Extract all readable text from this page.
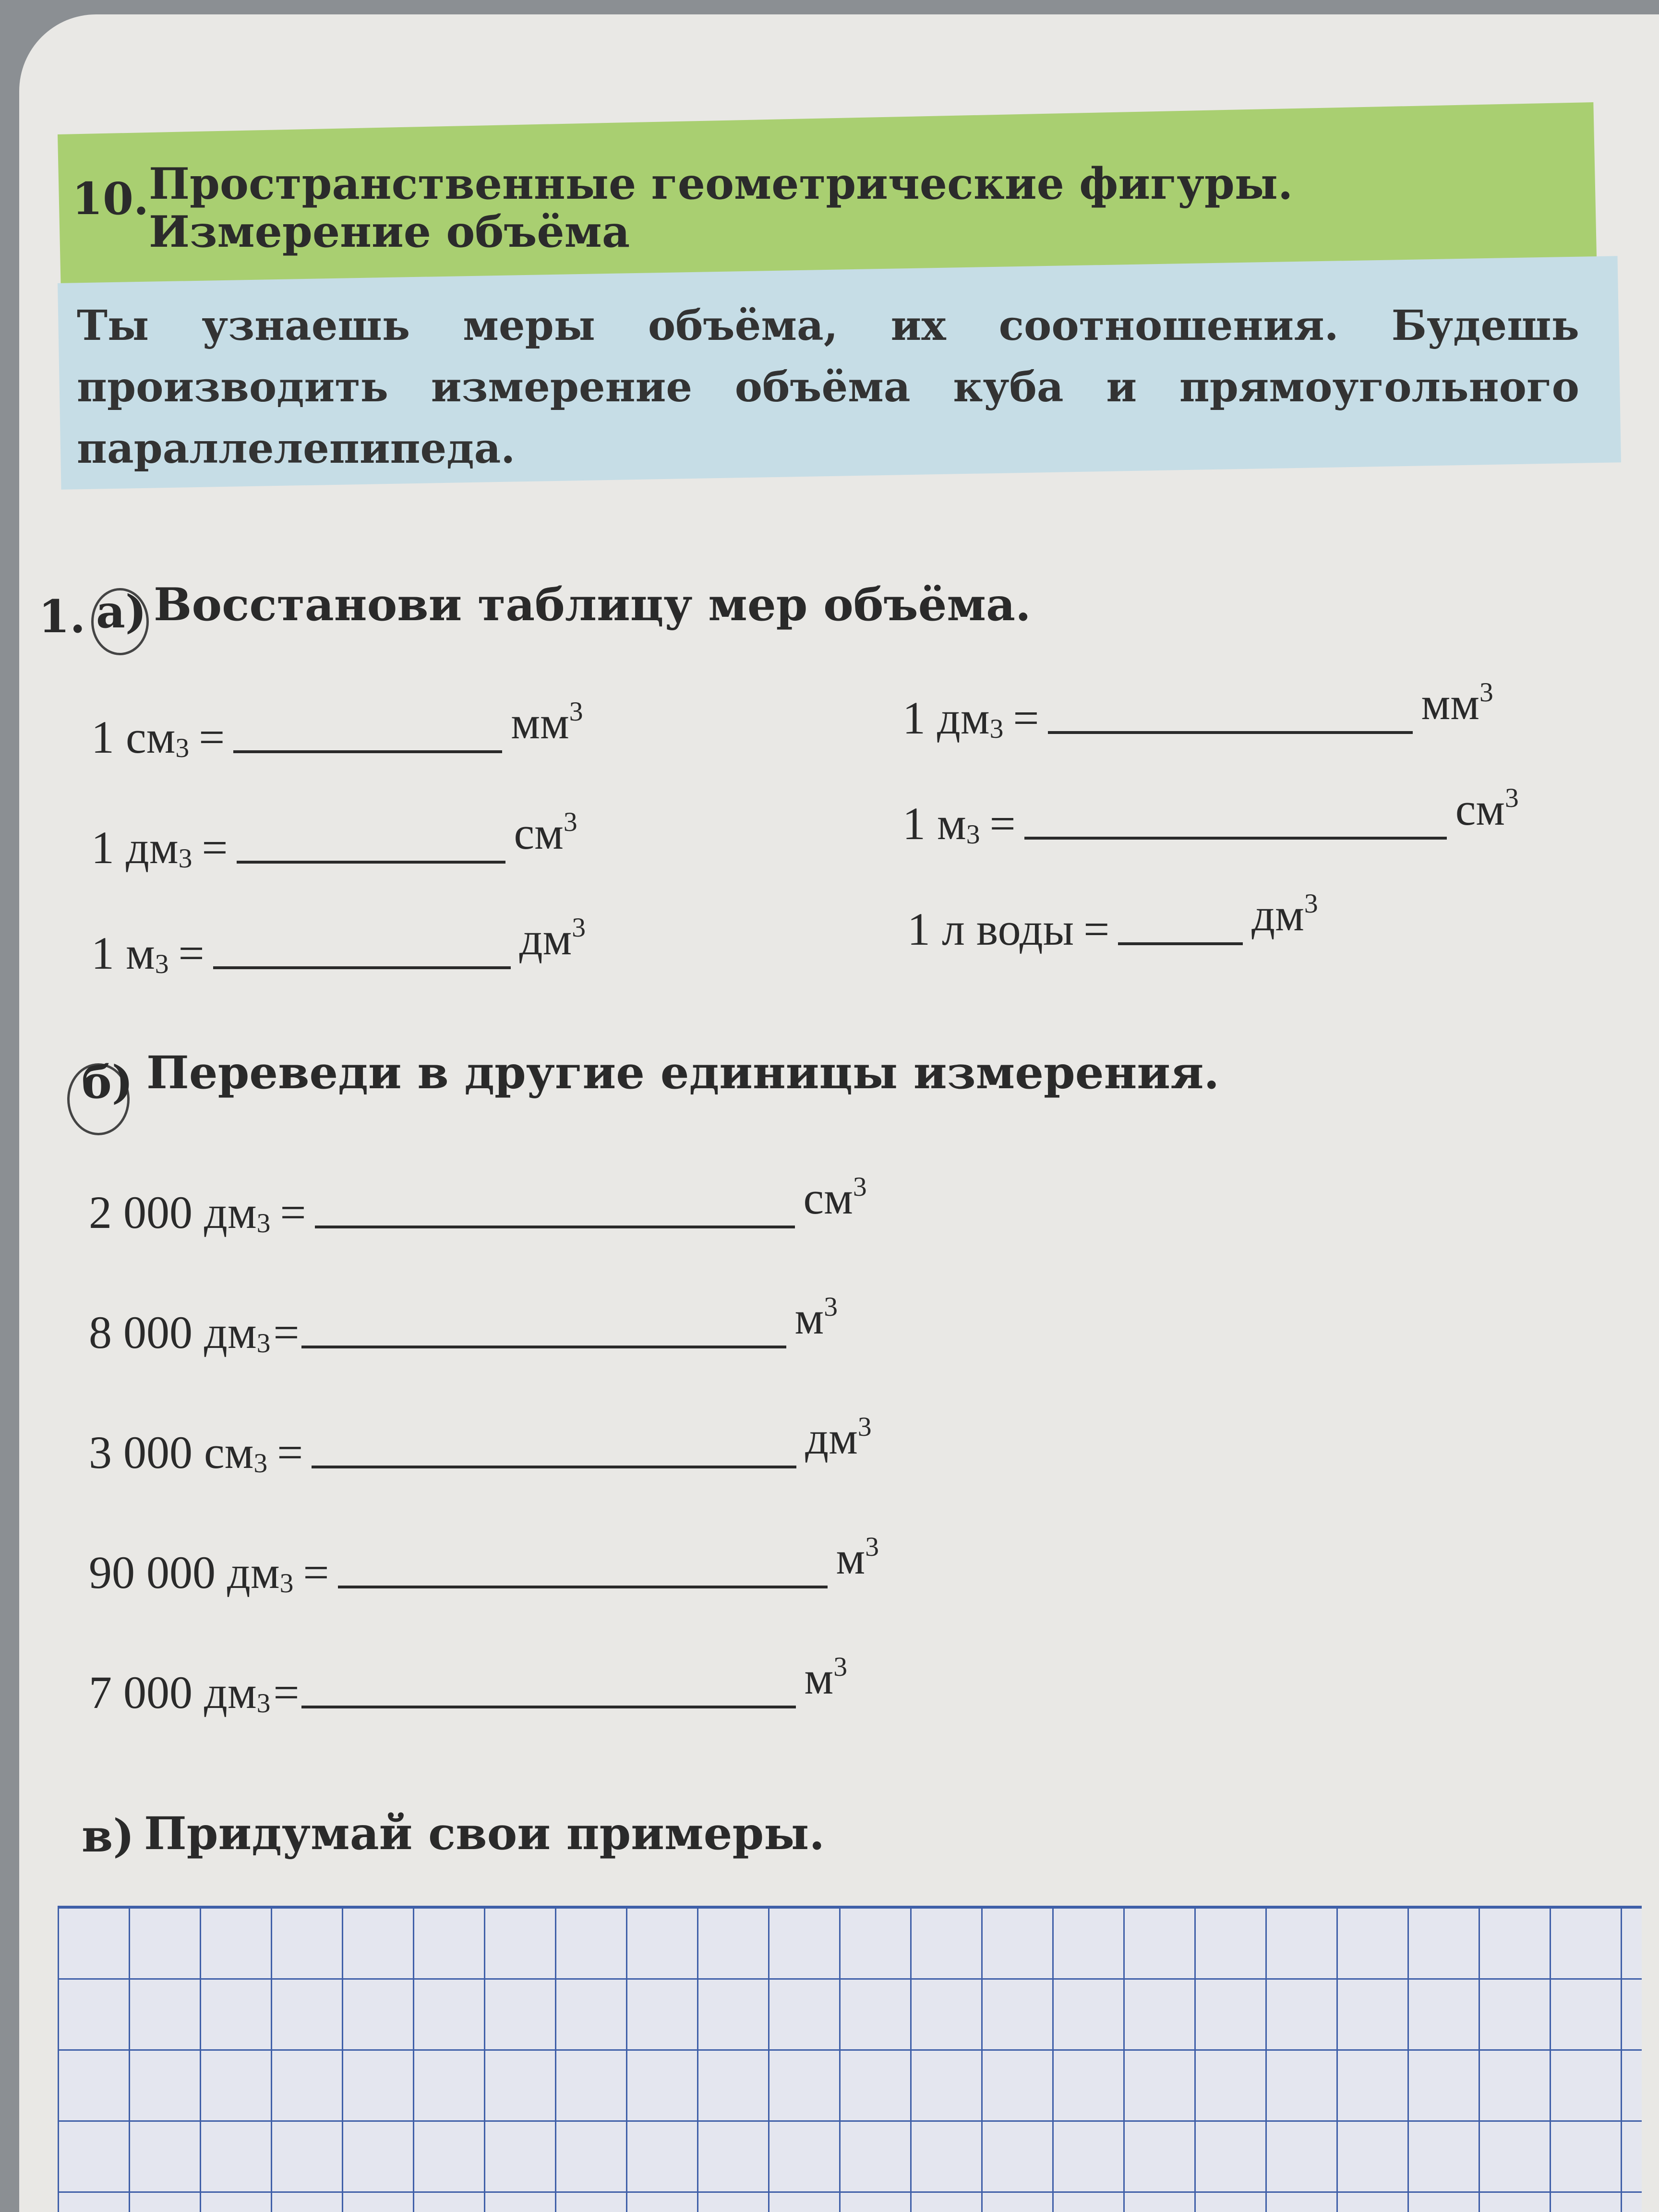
10. Пространственные геометрические фигуры.
Измерение объёма
Ты узнаешь меры объёма, их соотношения. Будешь производить измерение объёма куба и прямоугольного параллелепипеда.
1. а) Восстанови таблицу мер объёма.
1 $см_3$ =	$мм^3$
1 $дм_3$ =	$см^3$
1 $м_3$ =	$дм^3$
1 $дм_3$ =	$мм^3$
1 $м_3$ =	$см^3$
1 л воды =	$дм^3$
б) Переведи в другие единицы измерения.
2 000 $дм_3$ =	$см^3$
8 000 $дм_3$ =	$м^3$
3 000 $см_3$ =	$дм^3$
90 000 $дм_3$ =	$м^3$
7 000 $дм_3$ =	$м^3$
в) Придумай свои примеры.
